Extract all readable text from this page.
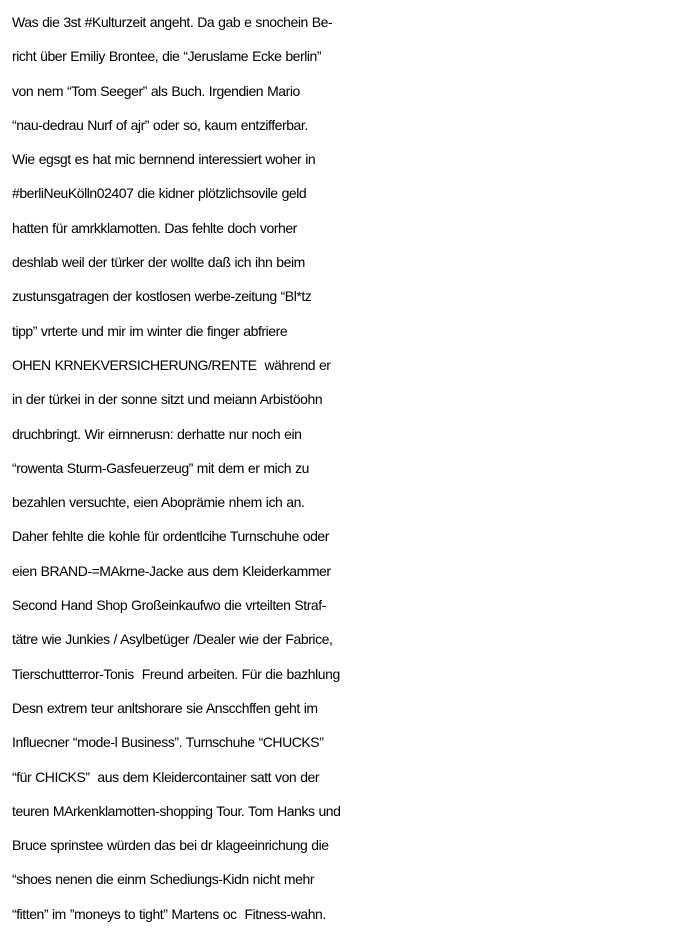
Was die 3st #Kulturzeit angeht. Da gab e snochein Be-
richt über Emiliy Brontee, die “Jeruslame Ecke berlin”
von nem “Tom Seeger” als Buch. Irgendien Mario
“nau-dedrau Nurf of ajr” oder so, kaum entzifferbar.
Wie egsgt es hat mic bernnend interessiert woher in
#berliNeuKölln02407 die kidner plötzlichsovile geld
hatten für amrkklamotten. Das fehlte doch vorher
deshlab weil der türker der wollte daß ich ihn beim
zustunsgatragen der kostlosen werbe-zeitung “Bl*tz
tipp” vrterte und mir im winter die finger abfriere
OHEN KRNEKVERSICHERUNG/RENTE  während er
in der türkei in der sonne sitzt und meiann Arbistöohn
druchbringt. Wir eirnnerusn: derhatte nur noch ein
“rowenta Sturm-Gasfeuerzeug” mit dem er mich zu
bezahlen versuchte, eien Aboprämie nhem ich an.
Daher fehlte die kohle für ordentlcihe Turnschuhe oder
eien BRAND-=MAkrne-Jacke aus dem Kleiderkammer
Second Hand Shop Großeinkaufwo die vrteilten Straf-
tätre wie Junkies / Asylbetüger /Dealer wie der Fabrice,
Tierschuttterror-Tonis  Freund arbeiten. Für die bazhlung
Desn extrem teur anltshorare sie Anscchffen geht im
Influecner “mode-l Business”. Turnschuhe “CHUCKS”
“für CHICKS”  aus dem Kleidercontainer satt von der
teuren MArkenklamotten-shopping Tour. Tom Hanks und
Bruce sprinstee würden das bei dr klageeinrichung die
“shoes nenen die einm Schediungs-Kidn nicht mehr
“fitten” im ”moneys to tight” Martens oc  Fitness-wahn.
